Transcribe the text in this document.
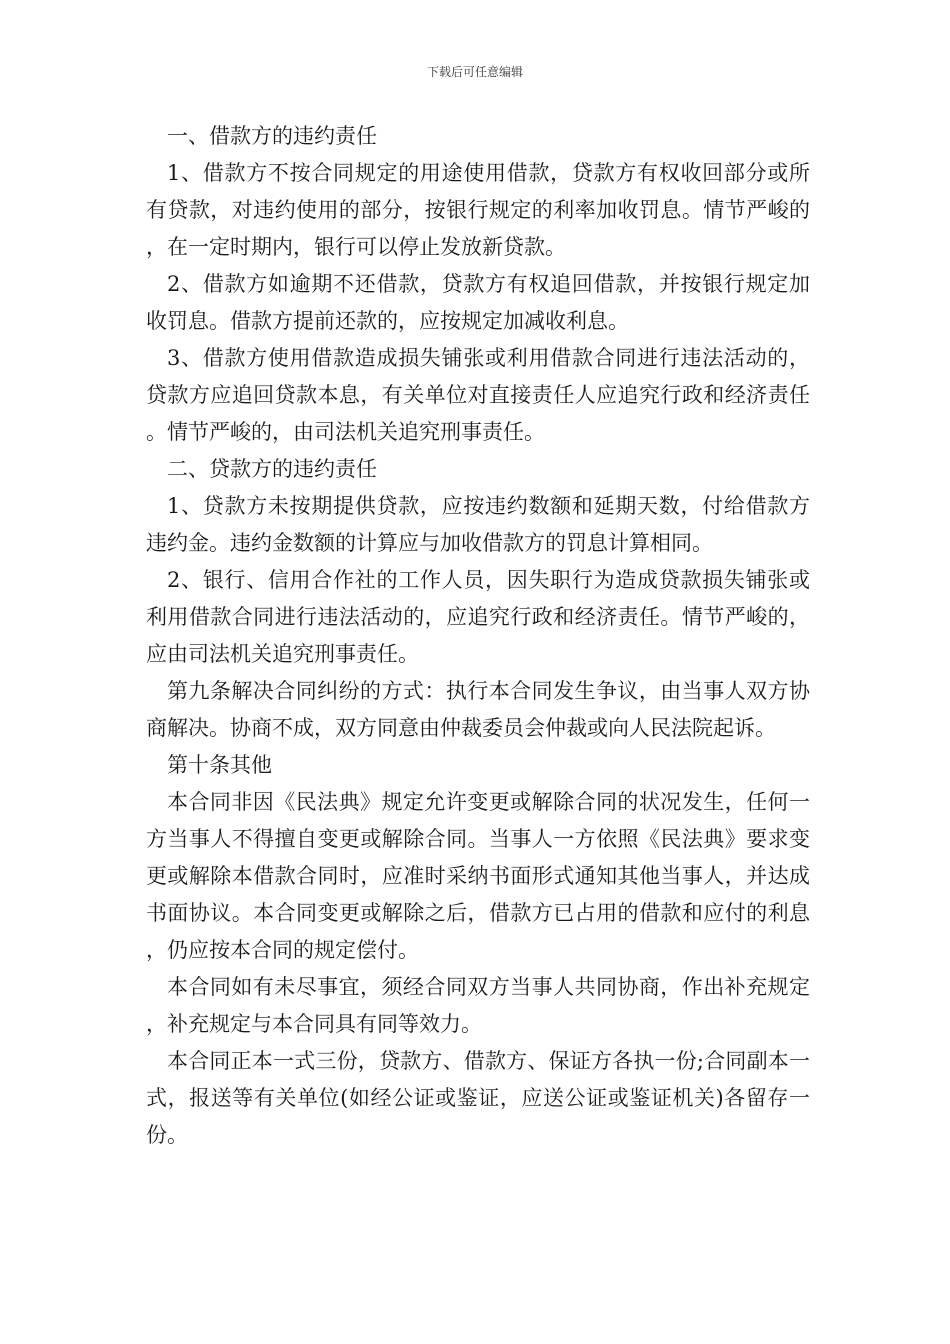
下载后可任意编辑

一、借款方的违约责任

1、借款方不按合同规定的用途使用借款，贷款方有权收回部分或所有贷款，对违约使用的部分，按银行规定的利率加收罚息。情节严峻的，在一定时期内，银行可以停止发放新贷款。

2、借款方如逾期不还借款，贷款方有权追回借款，并按银行规定加收罚息。借款方提前还款的，应按规定加减收利息。

3、借款方使用借款造成损失铺张或利用借款合同进行违法活动的，贷款方应追回贷款本息，有关单位对直接责任人应追究行政和经济责任。情节严峻的，由司法机关追究刑事责任。

二、贷款方的违约责任

1、贷款方未按期提供贷款，应按违约数额和延期天数，付给借款方违约金。违约金数额的计算应与加收借款方的罚息计算相同。

2、银行、信用合作社的工作人员，因失职行为造成贷款损失铺张或利用借款合同进行违法活动的，应追究行政和经济责任。情节严峻的，应由司法机关追究刑事责任。

第九条解决合同纠纷的方式：执行本合同发生争议，由当事人双方协商解决。协商不成，双方同意由仲裁委员会仲裁或向人民法院起诉。

第十条其他

本合同非因《民法典》规定允许变更或解除合同的状况发生，任何一方当事人不得擅自变更或解除合同。当事人一方依照《民法典》要求变更或解除本借款合同时，应准时采纳书面形式通知其他当事人，并达成书面协议。本合同变更或解除之后，借款方已占用的借款和应付的利息，仍应按本合同的规定偿付。

本合同如有未尽事宜，须经合同双方当事人共同协商，作出补充规定，补充规定与本合同具有同等效力。

本合同正本一式三份，贷款方、借款方、保证方各执一份;合同副本一式，报送等有关单位(如经公证或鉴证，应送公证或鉴证机关)各留存一份。
